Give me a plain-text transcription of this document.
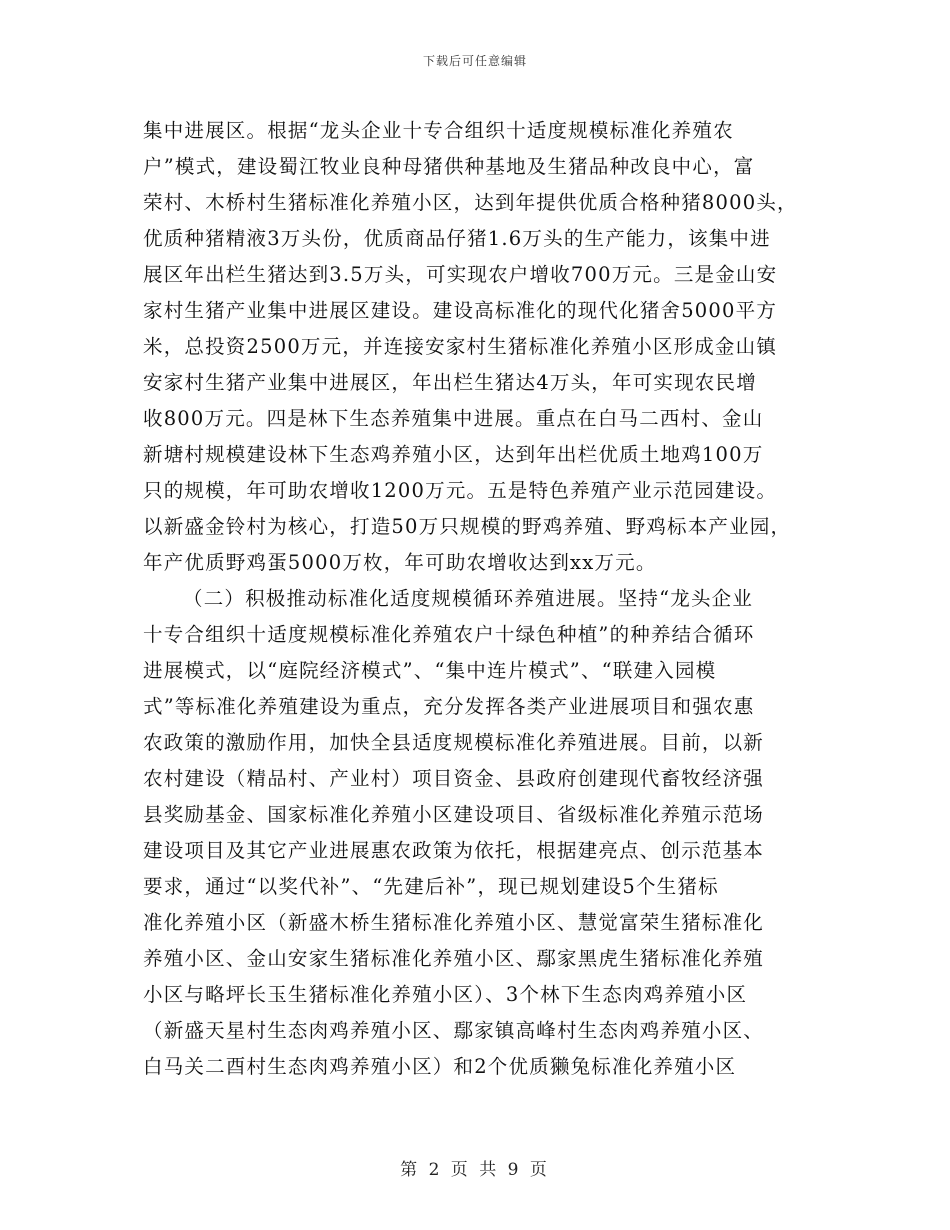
下载后可任意编辑
集中进展区。根据“龙头企业十专合组织十适度规模标准化养殖农
户”模式，建设蜀江牧业良种母猪供种基地及生猪品种改良中心，富
荣村、木桥村生猪标准化养殖小区，达到年提供优质合格种猪8000头，
优质种猪精液3万头份，优质商品仔猪1.6万头的生产能力，该集中进
展区年出栏生猪达到3.5万头，可实现农户增收700万元。三是金山安
家村生猪产业集中进展区建设。建设高标准化的现代化猪舍5000平方
米，总投资2500万元，并连接安家村生猪标准化养殖小区形成金山镇
安家村生猪产业集中进展区，年出栏生猪达4万头，年可实现农民增
收800万元。四是林下生态养殖集中进展。重点在白马二西村、金山
新塘村规模建设林下生态鸡养殖小区，达到年出栏优质土地鸡100万
只的规模，年可助农增收1200万元。五是特色养殖产业示范园建设。
以新盛金铃村为核心，打造50万只规模的野鸡养殖、野鸡标本产业园，
年产优质野鸡蛋5000万枚，年可助农增收达到xx万元。
（二）积极推动标准化适度规模循环养殖进展。坚持“龙头企业
十专合组织十适度规模标准化养殖农户十绿色种植”的种养结合循环
进展模式，以“庭院经济模式”、“集中连片模式”、“联建入园模
式”等标准化养殖建设为重点，充分发挥各类产业进展项目和强农惠
农政策的激励作用，加快全县适度规模标准化养殖进展。目前，以新
农村建设（精品村、产业村）项目资金、县政府创建现代畜牧经济强
县奖励基金、国家标准化养殖小区建设项目、省级标准化养殖示范场
建设项目及其它产业进展惠农政策为依托，根据建亮点、创示范基本
要求，通过“以奖代补”、“先建后补”，现已规划建设5个生猪标
准化养殖小区（新盛木桥生猪标准化养殖小区、慧觉富荣生猪标准化
养殖小区、金山安家生猪标准化养殖小区、鄢家黑虎生猪标准化养殖
小区与略坪长玉生猪标准化养殖小区）、3个林下生态肉鸡养殖小区
（新盛天星村生态肉鸡养殖小区、鄢家镇高峰村生态肉鸡养殖小区、
白马关二酉村生态肉鸡养殖小区）和2个优质獭兔标准化养殖小区
第 2 页 共 9 页
